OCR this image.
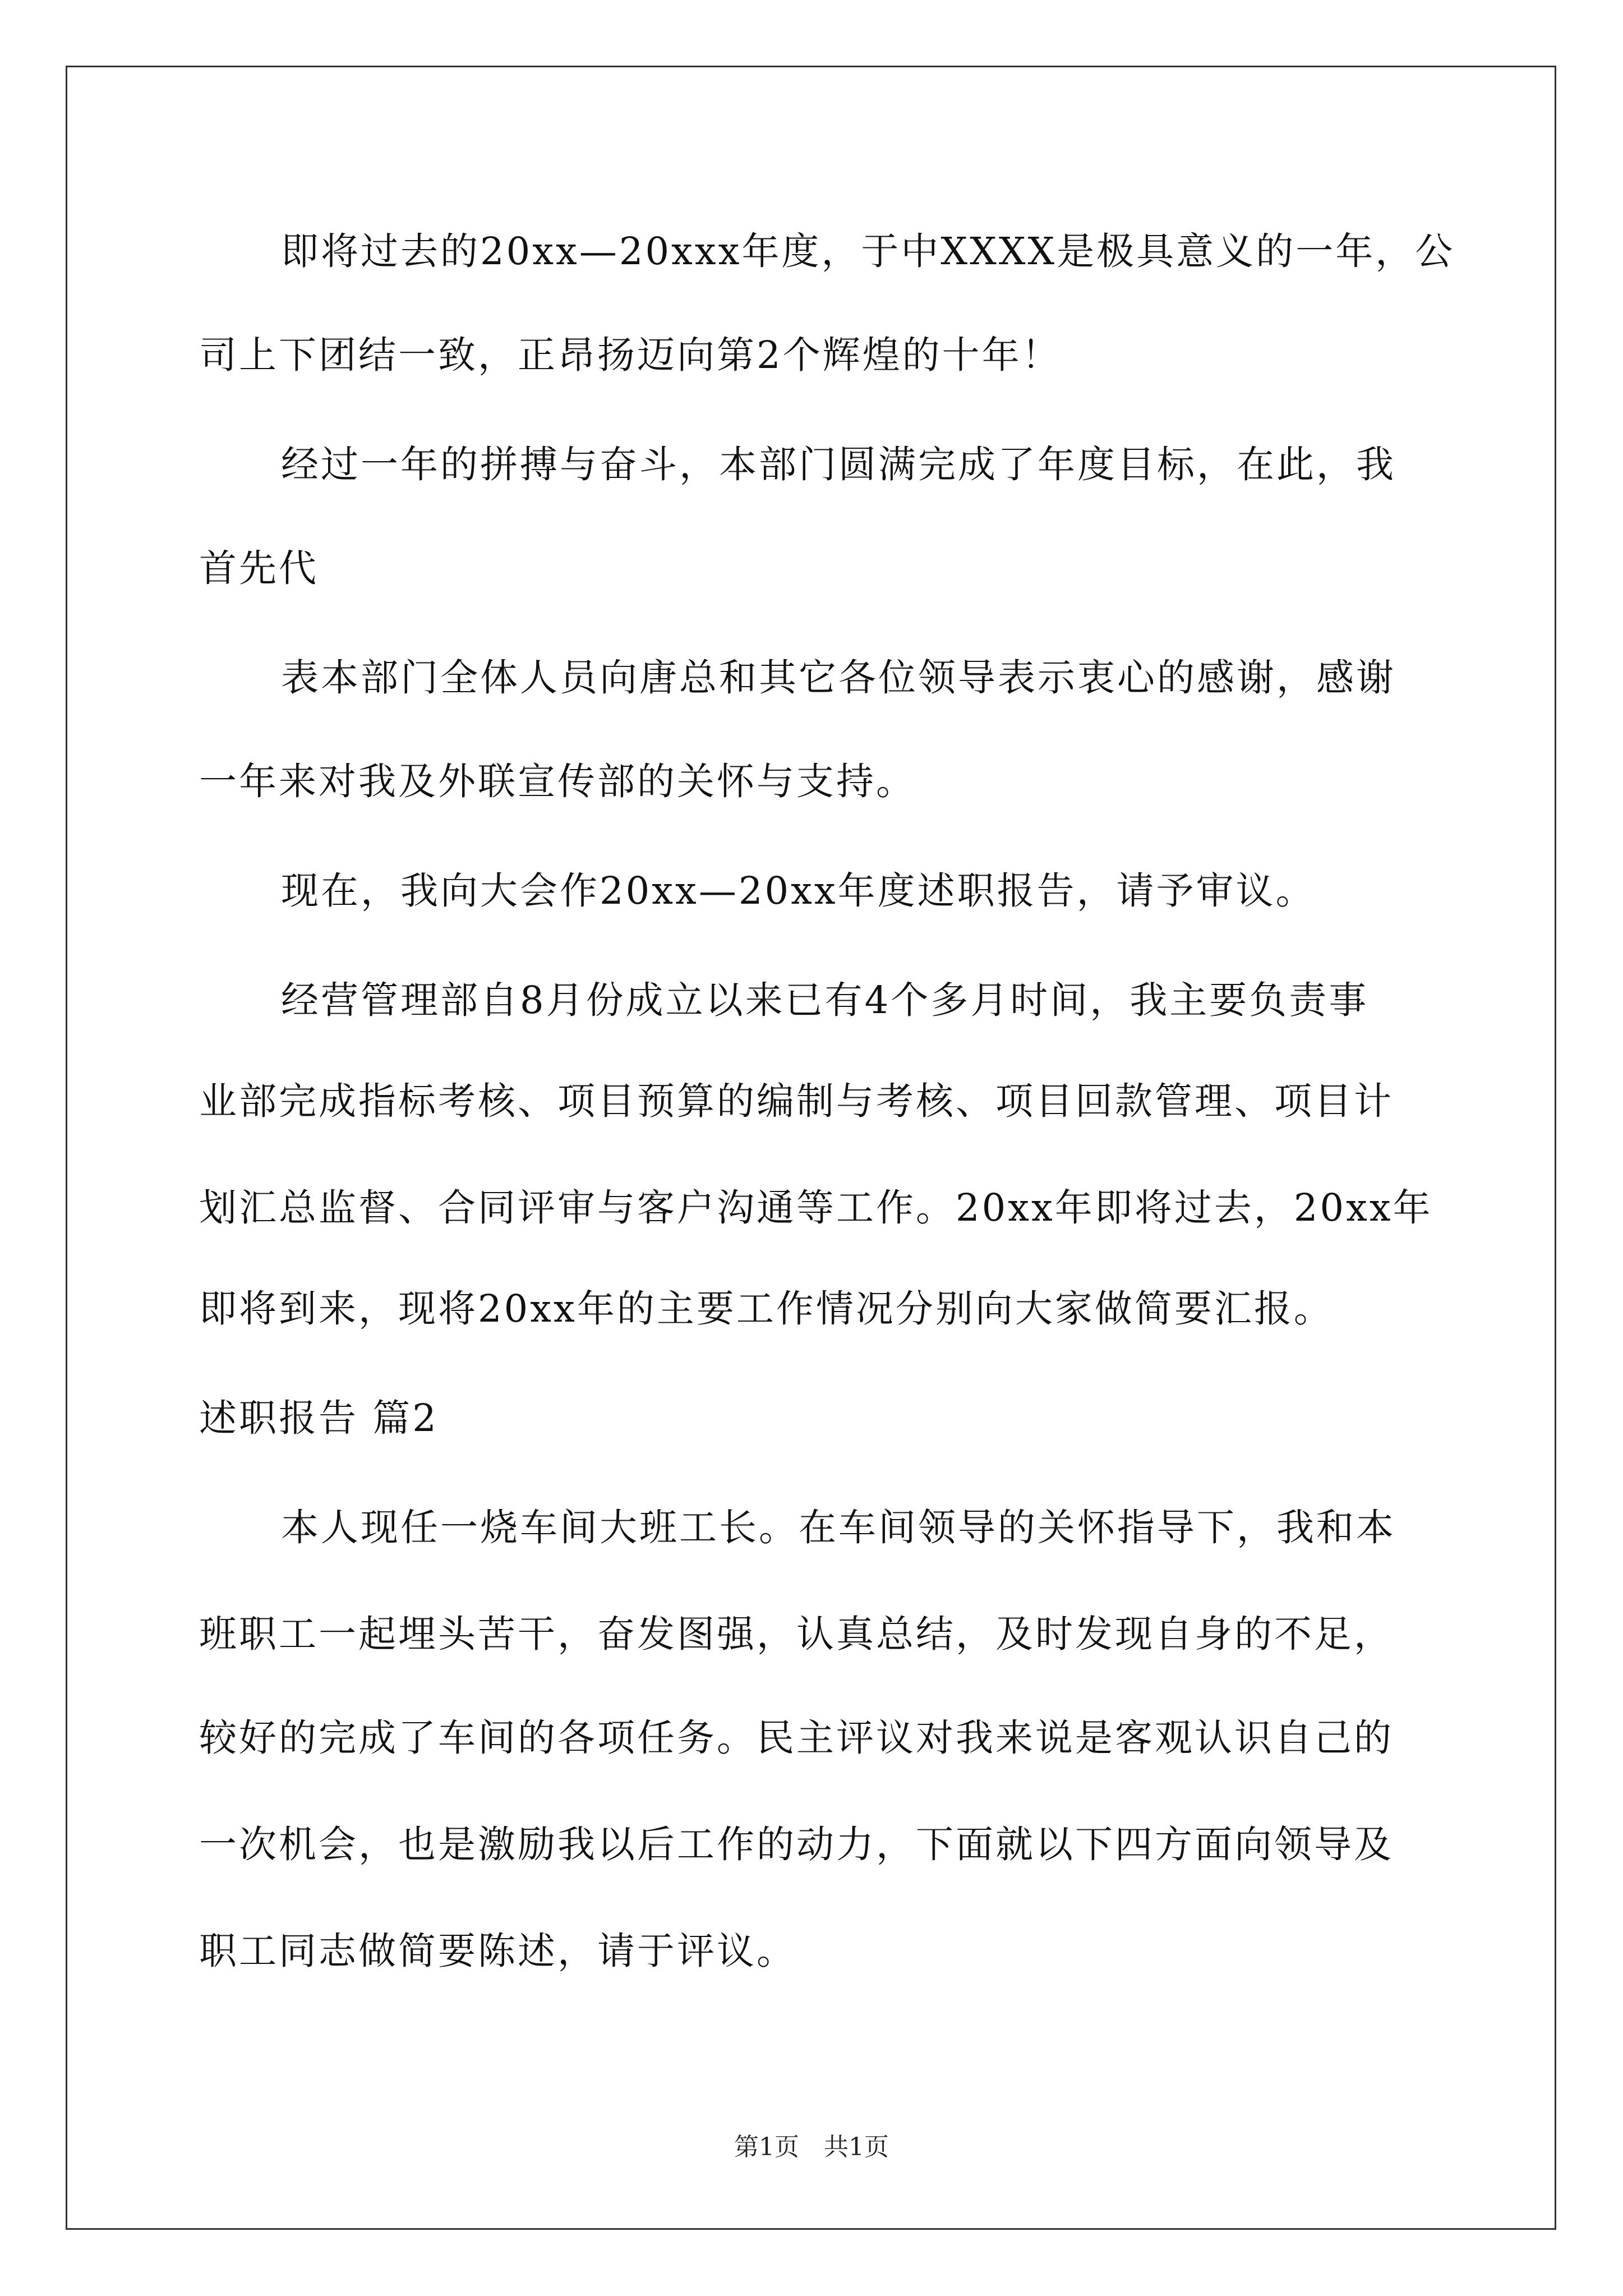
即将过去的20xx—20xxx年度，于中XXXX是极具意义的一年，公
司上下团结一致，正昂扬迈向第2个辉煌的十年！
经过一年的拼搏与奋斗，本部门圆满完成了年度目标，在此，我
首先代
表本部门全体人员向唐总和其它各位领导表示衷心的感谢，感谢
一年来对我及外联宣传部的关怀与支持。
现在，我向大会作20xx—20xx年度述职报告，请予审议。
经营管理部自8月份成立以来已有4个多月时间，我主要负责事
业部完成指标考核、项目预算的编制与考核、项目回款管理、项目计
划汇总监督、合同评审与客户沟通等工作。20xx年即将过去，20xx年
即将到来，现将20xx年的主要工作情况分别向大家做简要汇报。
述职报告 篇2
本人现任一烧车间大班工长。在车间领导的关怀指导下，我和本
班职工一起埋头苦干，奋发图强，认真总结，及时发现自身的不足，
较好的完成了车间的各项任务。民主评议对我来说是客观认识自己的
一次机会，也是激励我以后工作的动力，下面就以下四方面向领导及
职工同志做简要陈述，请于评议。
第1页　共1页
